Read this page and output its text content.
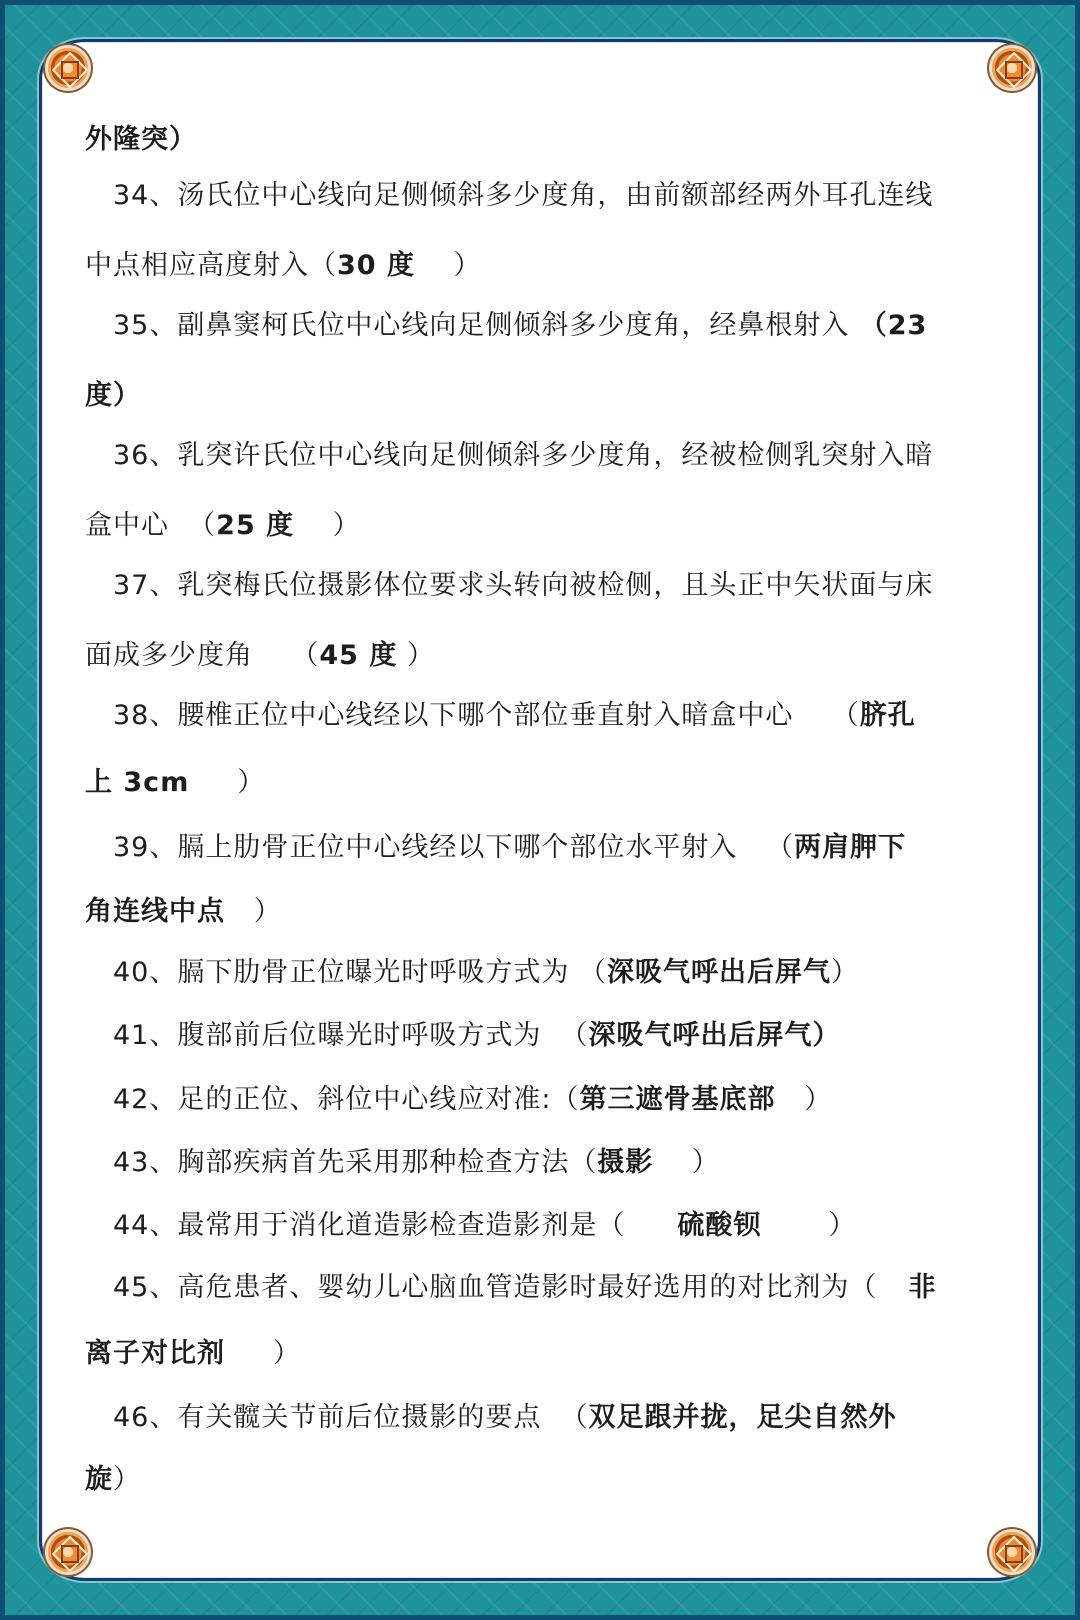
外隆突）
34、汤氏位中心线向足侧倾斜多少度角，由前额部经两外耳孔连线
中点相应高度射入（30 度    ）
35、副鼻窦柯氏位中心线向足侧倾斜多少度角，经鼻根射入 （23
度）
36、乳突许氏位中心线向足侧倾斜多少度角，经被检侧乳突射入暗
盒中心  （25 度    ）
37、乳突梅氏位摄影体位要求头转向被检侧，且头正中矢状面与床
面成多少度角    （45 度 ）
38、腰椎正位中心线经以下哪个部位垂直射入暗盒中心    （脐孔
上 3cm     ）
39、膈上肋骨正位中心线经以下哪个部位水平射入   （两肩胛下
角连线中点   ）
40、膈下肋骨正位曝光时呼吸方式为 （深吸气呼出后屏气）
41、腹部前后位曝光时呼吸方式为  （深吸气呼出后屏气）
42、足的正位、斜位中心线应对准:（第三遮骨基底部   ）
43、胸部疾病首先采用那种检查方法（摄影    ）
44、最常用于消化道造影检查造影剂是（     硫酸钡       ）
45、高危患者、婴幼儿心脑血管造影时最好选用的对比剂为（   非
离子对比剂     ）
46、有关髋关节前后位摄影的要点  （双足跟并拢，足尖自然外
旋）
